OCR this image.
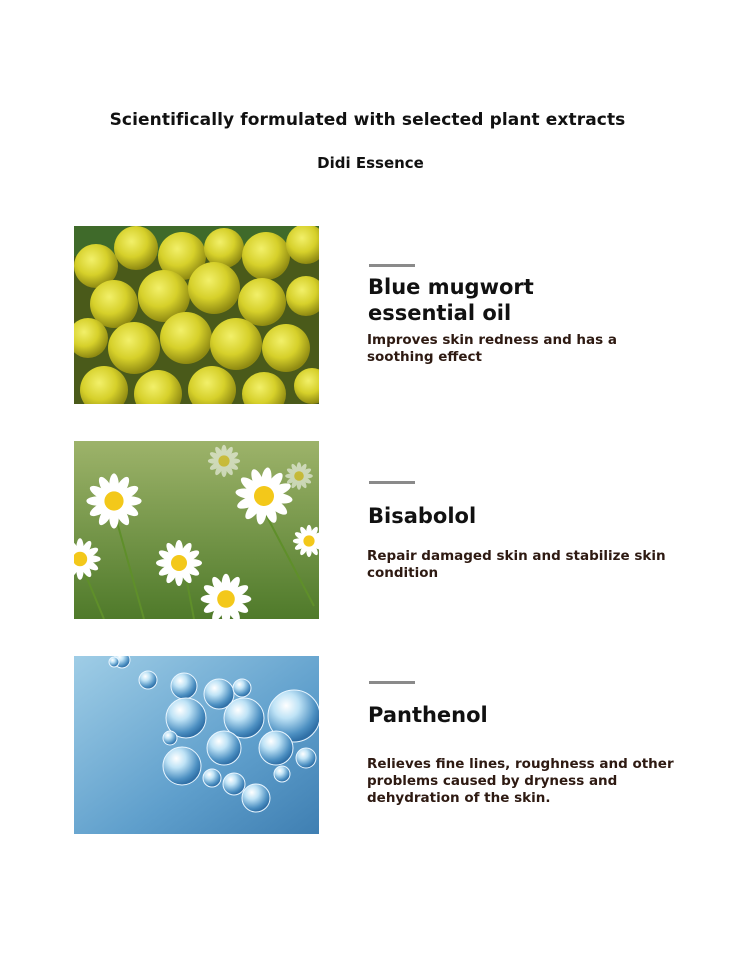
Scientifically formulated with selected plant extracts
Didi Essence
Blue mugwort
essential oil
Improves skin redness and has a
soothing effect
Bisabolol
Repair damaged skin and stabilize skin
condition
Panthenol
Relieves fine lines, roughness and other
problems caused by dryness and
dehydration of the skin.
